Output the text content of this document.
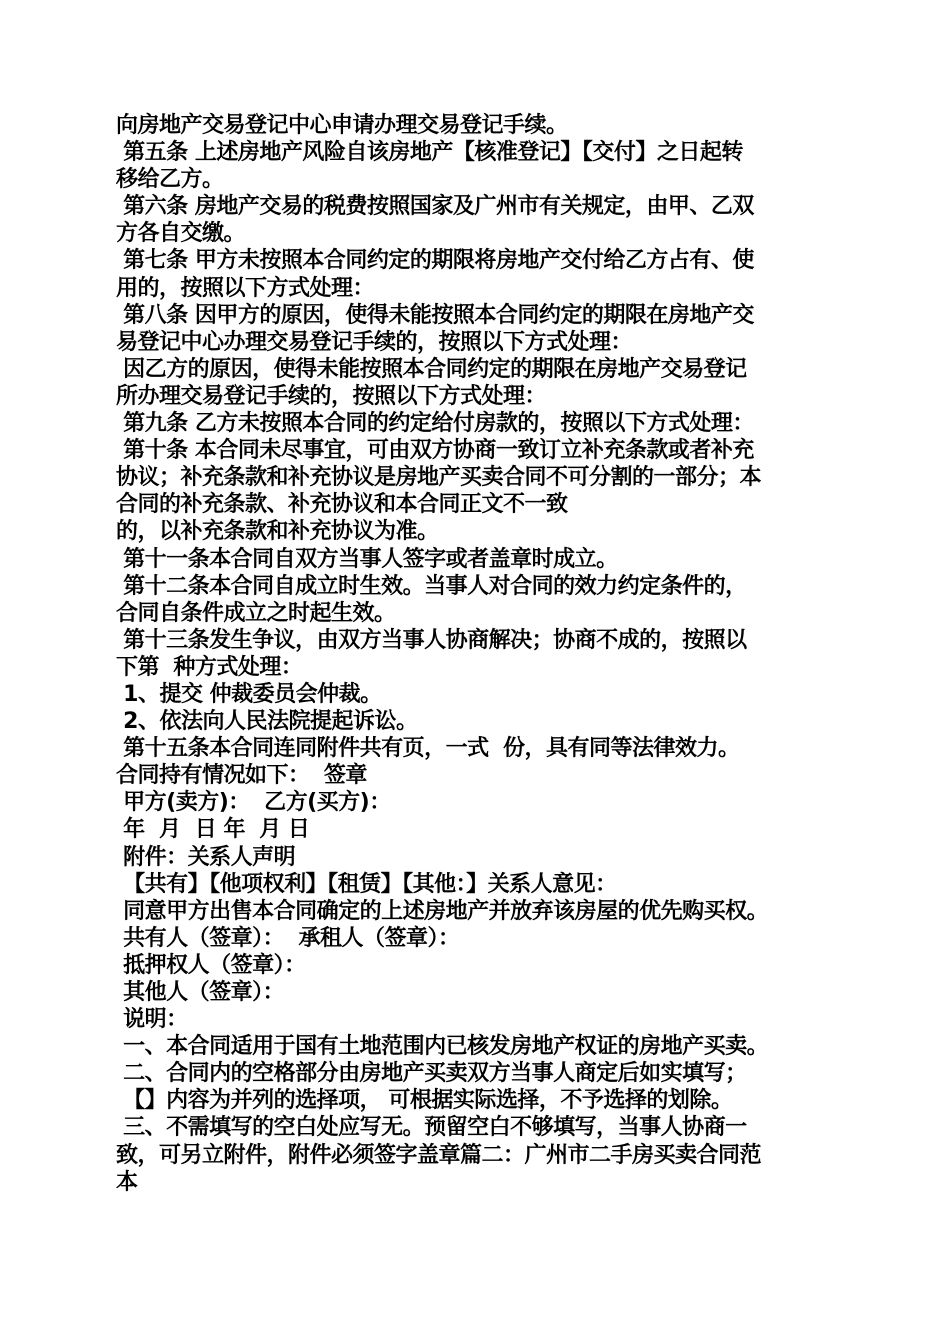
向房地产交易登记中心申请办理交易登记手续。

第五条 上述房地产风险自该房地产【核准登记】【交付】之日起转

移给乙方。

第六条 房地产交易的税费按照国家及广州市有关规定，由甲、乙双

方各自交缴。

第七条 甲方未按照本合同约定的期限将房地产交付给乙方占有、使

用的，按照以下方式处理：

第八条 因甲方的原因，使得未能按照本合同约定的期限在房地产交

易登记中心办理交易登记手续的，按照以下方式处理：

因乙方的原因，使得未能按照本合同约定的期限在房地产交易登记

所办理交易登记手续的，按照以下方式处理：

第九条 乙方未按照本合同的约定给付房款的，按照以下方式处理：

第十条 本合同未尽事宜，可由双方协商一致订立补充条款或者补充

协议；补充条款和补充协议是房地产买卖合同不可分割的一部分；本

合同的补充条款、补充协议和本合同正文不一致

的，以补充条款和补充协议为准。

第十一条本合同自双方当事人签字或者盖章时成立。

第十二条本合同自成立时生效。当事人对合同的效力约定条件的，

合同自条件成立之时起生效。

第十三条发生争议，由双方当事人协商解决；协商不成的，按照以

下第  种方式处理：

1、提交 仲裁委员会仲裁。

2、依法向人民法院提起诉讼。

第十五条本合同连同附件共有页，一式  份，具有同等法律效力。

合同持有情况如下：  签章

甲方(卖方)：  乙方(买方)：

年  月  日 年  月 日

附件：关系人声明

【共有】【他项权利】【租赁】【其他：】关系人意见：

同意甲方出售本合同确定的上述房地产并放弃该房屋的优先购买权。

共有人（签章）：  承租人（签章）：

抵押权人（签章）：

其他人（签章）：

说明：

一、本合同适用于国有土地范围内已核发房地产权证的房地产买卖。

二、合同内的空格部分由房地产买卖双方当事人商定后如实填写；

【】内容为并列的选择项， 可根据实际选择，不予选择的划除。

三、不需填写的空白处应写无。预留空白不够填写，当事人协商一

致，可另立附件，附件必须签字盖章篇二：广州市二手房买卖合同范

本
